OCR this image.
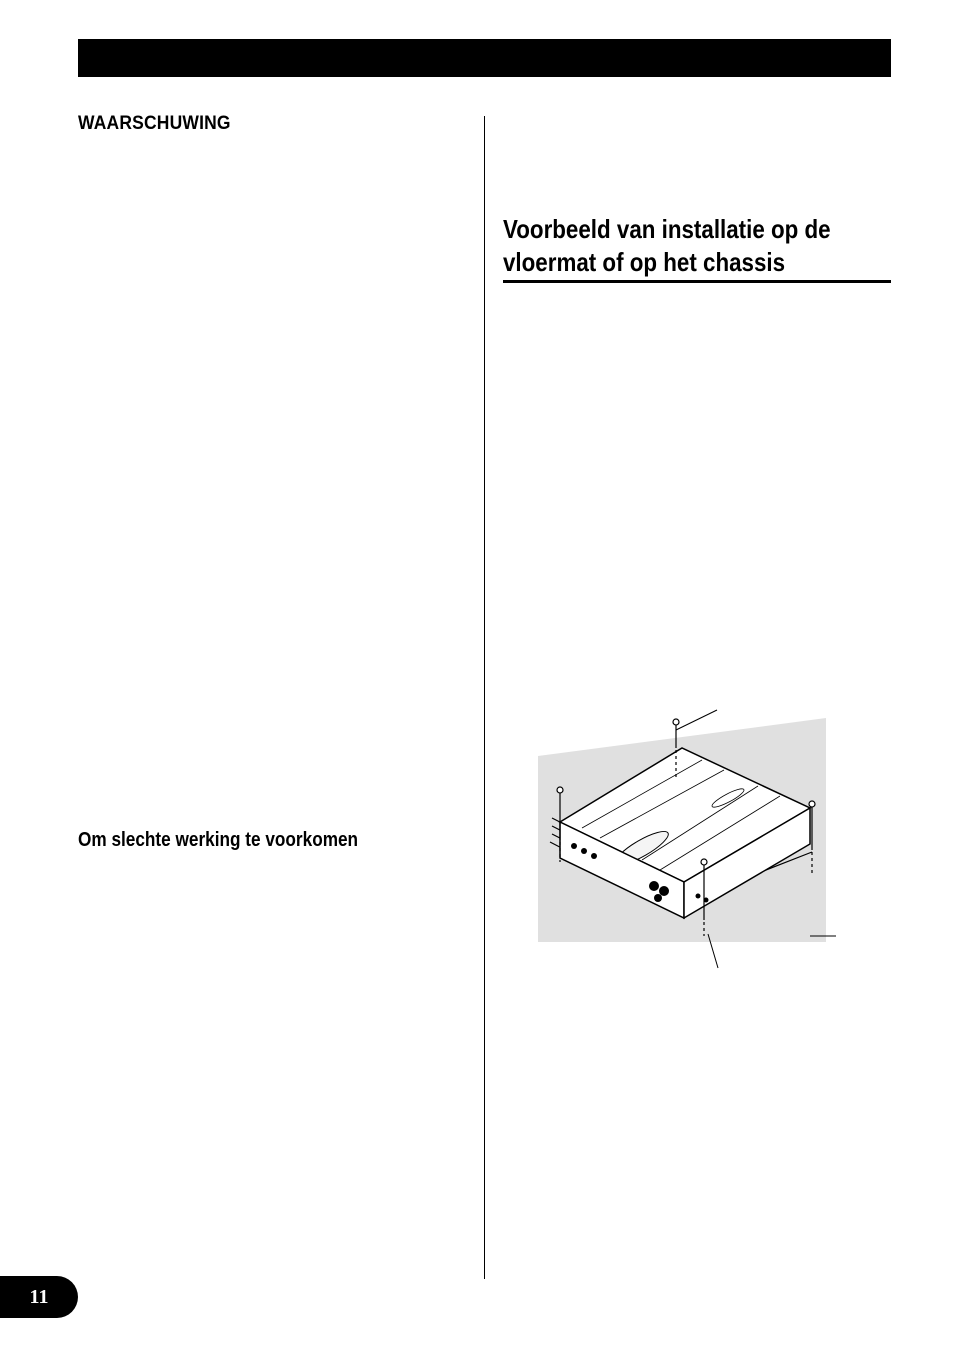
WAARSCHUWING
Om slechte werking te voorkomen
Voorbeeld van installatie op de
vloermat of op het chassis
11
